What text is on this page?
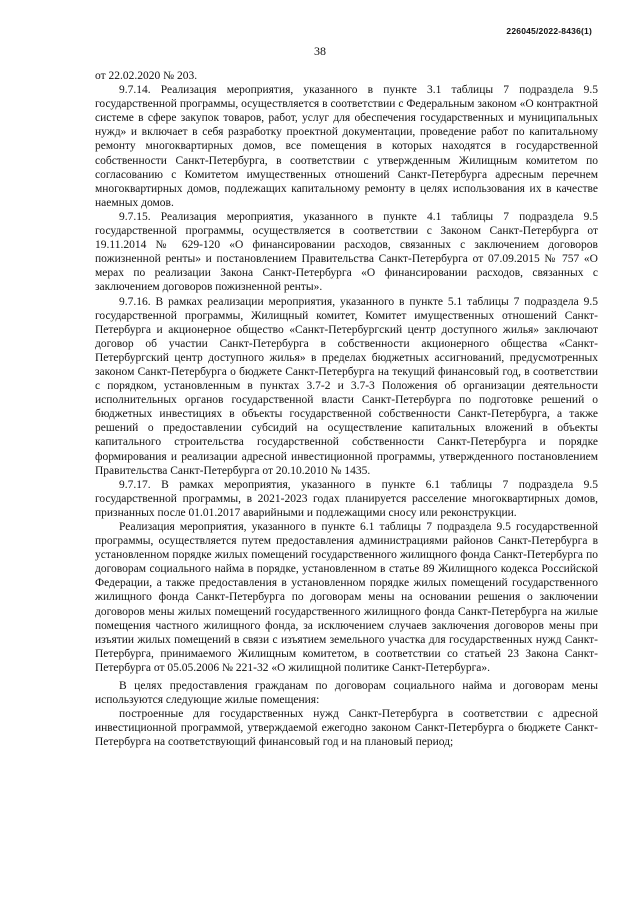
226045/2022-8436(1)
38

от 22.02.2020 № 203.

9.7.14. Реализация мероприятия, указанного в пункте 3.1 таблицы 7 подраздела 9.5 государственной программы, осуществляется в соответствии с Федеральным законом «О контрактной системе в сфере закупок товаров, работ, услуг для обеспечения государственных и муниципальных нужд» и включает в себя разработку проектной документации, проведение работ по капитальному ремонту многоквартирных домов, все помещения в которых находятся в государственной собственности Санкт-Петербурга, в соответствии с утвержденным Жилищным комитетом по согласованию с Комитетом имущественных отношений Санкт-Петербурга адресным перечнем многоквартирных домов, подлежащих капитальному ремонту в целях использования их в качестве наемных домов.

9.7.15. Реализация мероприятия, указанного в пункте 4.1 таблицы 7 подраздела 9.5 государственной программы, осуществляется в соответствии с Законом Санкт-Петербурга от 19.11.2014 № 629-120 «О финансировании расходов, связанных с заключением договоров пожизненной ренты» и постановлением Правительства Санкт-Петербурга от 07.09.2015 № 757 «О мерах по реализации Закона Санкт-Петербурга «О финансировании расходов, связанных с заключением договоров пожизненной ренты».

9.7.16. В рамках реализации мероприятия, указанного в пункте 5.1 таблицы 7 подраздела 9.5 государственной программы, Жилищный комитет, Комитет имущественных отношений Санкт-Петербурга и акционерное общество «Санкт-Петербургский центр доступного жилья» заключают договор об участии Санкт-Петербурга в собственности акционерного общества «Санкт-Петербургский центр доступного жилья» в пределах бюджетных ассигнований, предусмотренных законом Санкт-Петербурга о бюджете Санкт-Петербурга на текущий финансовый год, в соответствии с порядком, установленным в пунктах 3.7-2 и 3.7-3 Положения об организации деятельности исполнительных органов государственной власти Санкт-Петербурга по подготовке решений о бюджетных инвестициях в объекты государственной собственности Санкт-Петербурга, а также решений о предоставлении субсидий на осуществление капитальных вложений в объекты капитального строительства государственной собственности Санкт-Петербурга и порядке формирования и реализации адресной инвестиционной программы, утвержденного постановлением Правительства Санкт-Петербурга от 20.10.2010 № 1435.

9.7.17. В рамках мероприятия, указанного в пункте 6.1 таблицы 7 подраздела 9.5 государственной программы, в 2021-2023 годах планируется расселение многоквартирных домов, признанных после 01.01.2017 аварийными и подлежащими сносу или реконструкции.

Реализация мероприятия, указанного в пункте 6.1 таблицы 7 подраздела 9.5 государственной программы, осуществляется путем предоставления администрациями районов Санкт-Петербурга в установленном порядке жилых помещений государственного жилищного фонда Санкт-Петербурга по договорам социального найма в порядке, установленном в статье 89 Жилищного кодекса Российской Федерации, а также предоставления в установленном порядке жилых помещений государственного жилищного фонда Санкт-Петербурга по договорам мены на основании решения о заключении договоров мены жилых помещений государственного жилищного фонда Санкт-Петербурга на жилые помещения частного жилищного фонда, за исключением случаев заключения договоров мены при изъятии жилых помещений в связи с изъятием земельного участка для государственных нужд Санкт-Петербурга, принимаемого Жилищным комитетом, в соответствии со статьей 23 Закона Санкт-Петербурга от 05.05.2006 № 221-32 «О жилищной политике Санкт-Петербурга».

В целях предоставления гражданам по договорам социального найма и договорам мены используются следующие жилые помещения:

построенные для государственных нужд Санкт-Петербурга в соответствии с адресной инвестиционной программой, утверждаемой ежегодно законом Санкт-Петербурга о бюджете Санкт-Петербурга на соответствующий финансовый год и на плановый период;
